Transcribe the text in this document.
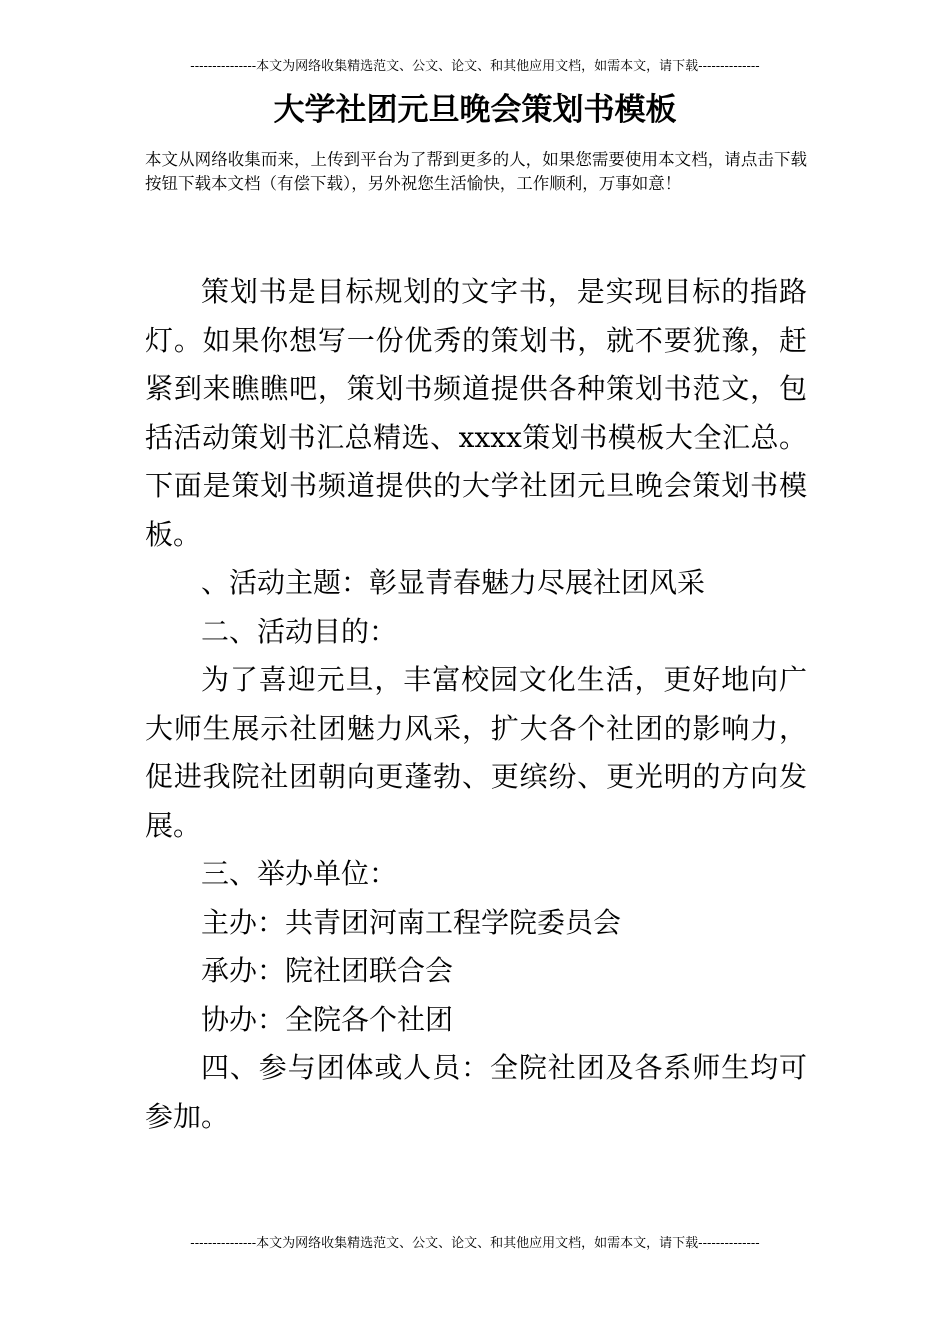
---------------本文为网络收集精选范文、公文、论文、和其他应用文档，如需本文，请下载--------------
大学社团元旦晚会策划书模板

本文从网络收集而来，上传到平台为了帮到更多的人，如果您需要使用本文档，请点击下载按钮下载本文档（有偿下载），另外祝您生活愉快，工作顺利，万事如意！

策划书是目标规划的文字书，是实现目标的指路灯。如果你想写一份优秀的策划书，就不要犹豫，赶紧到来瞧瞧吧，策划书频道提供各种策划书范文，包括活动策划书汇总精选、xxxx策划书模板大全汇总。下面是策划书频道提供的大学社团元旦晚会策划书模板。

、活动主题：彰显青春魅力尽展社团风采

二、活动目的：

为了喜迎元旦，丰富校园文化生活，更好地向广大师生展示社团魅力风采，扩大各个社团的影响力，促进我院社团朝向更蓬勃、更缤纷、更光明的方向发展。

三、举办单位：

主办：共青团河南工程学院委员会

承办：院社团联合会

协办：全院各个社团

四、参与团体或人员：全院社团及各系师生均可参加。

---------------本文为网络收集精选范文、公文、论文、和其他应用文档，如需本文，请下载--------------
